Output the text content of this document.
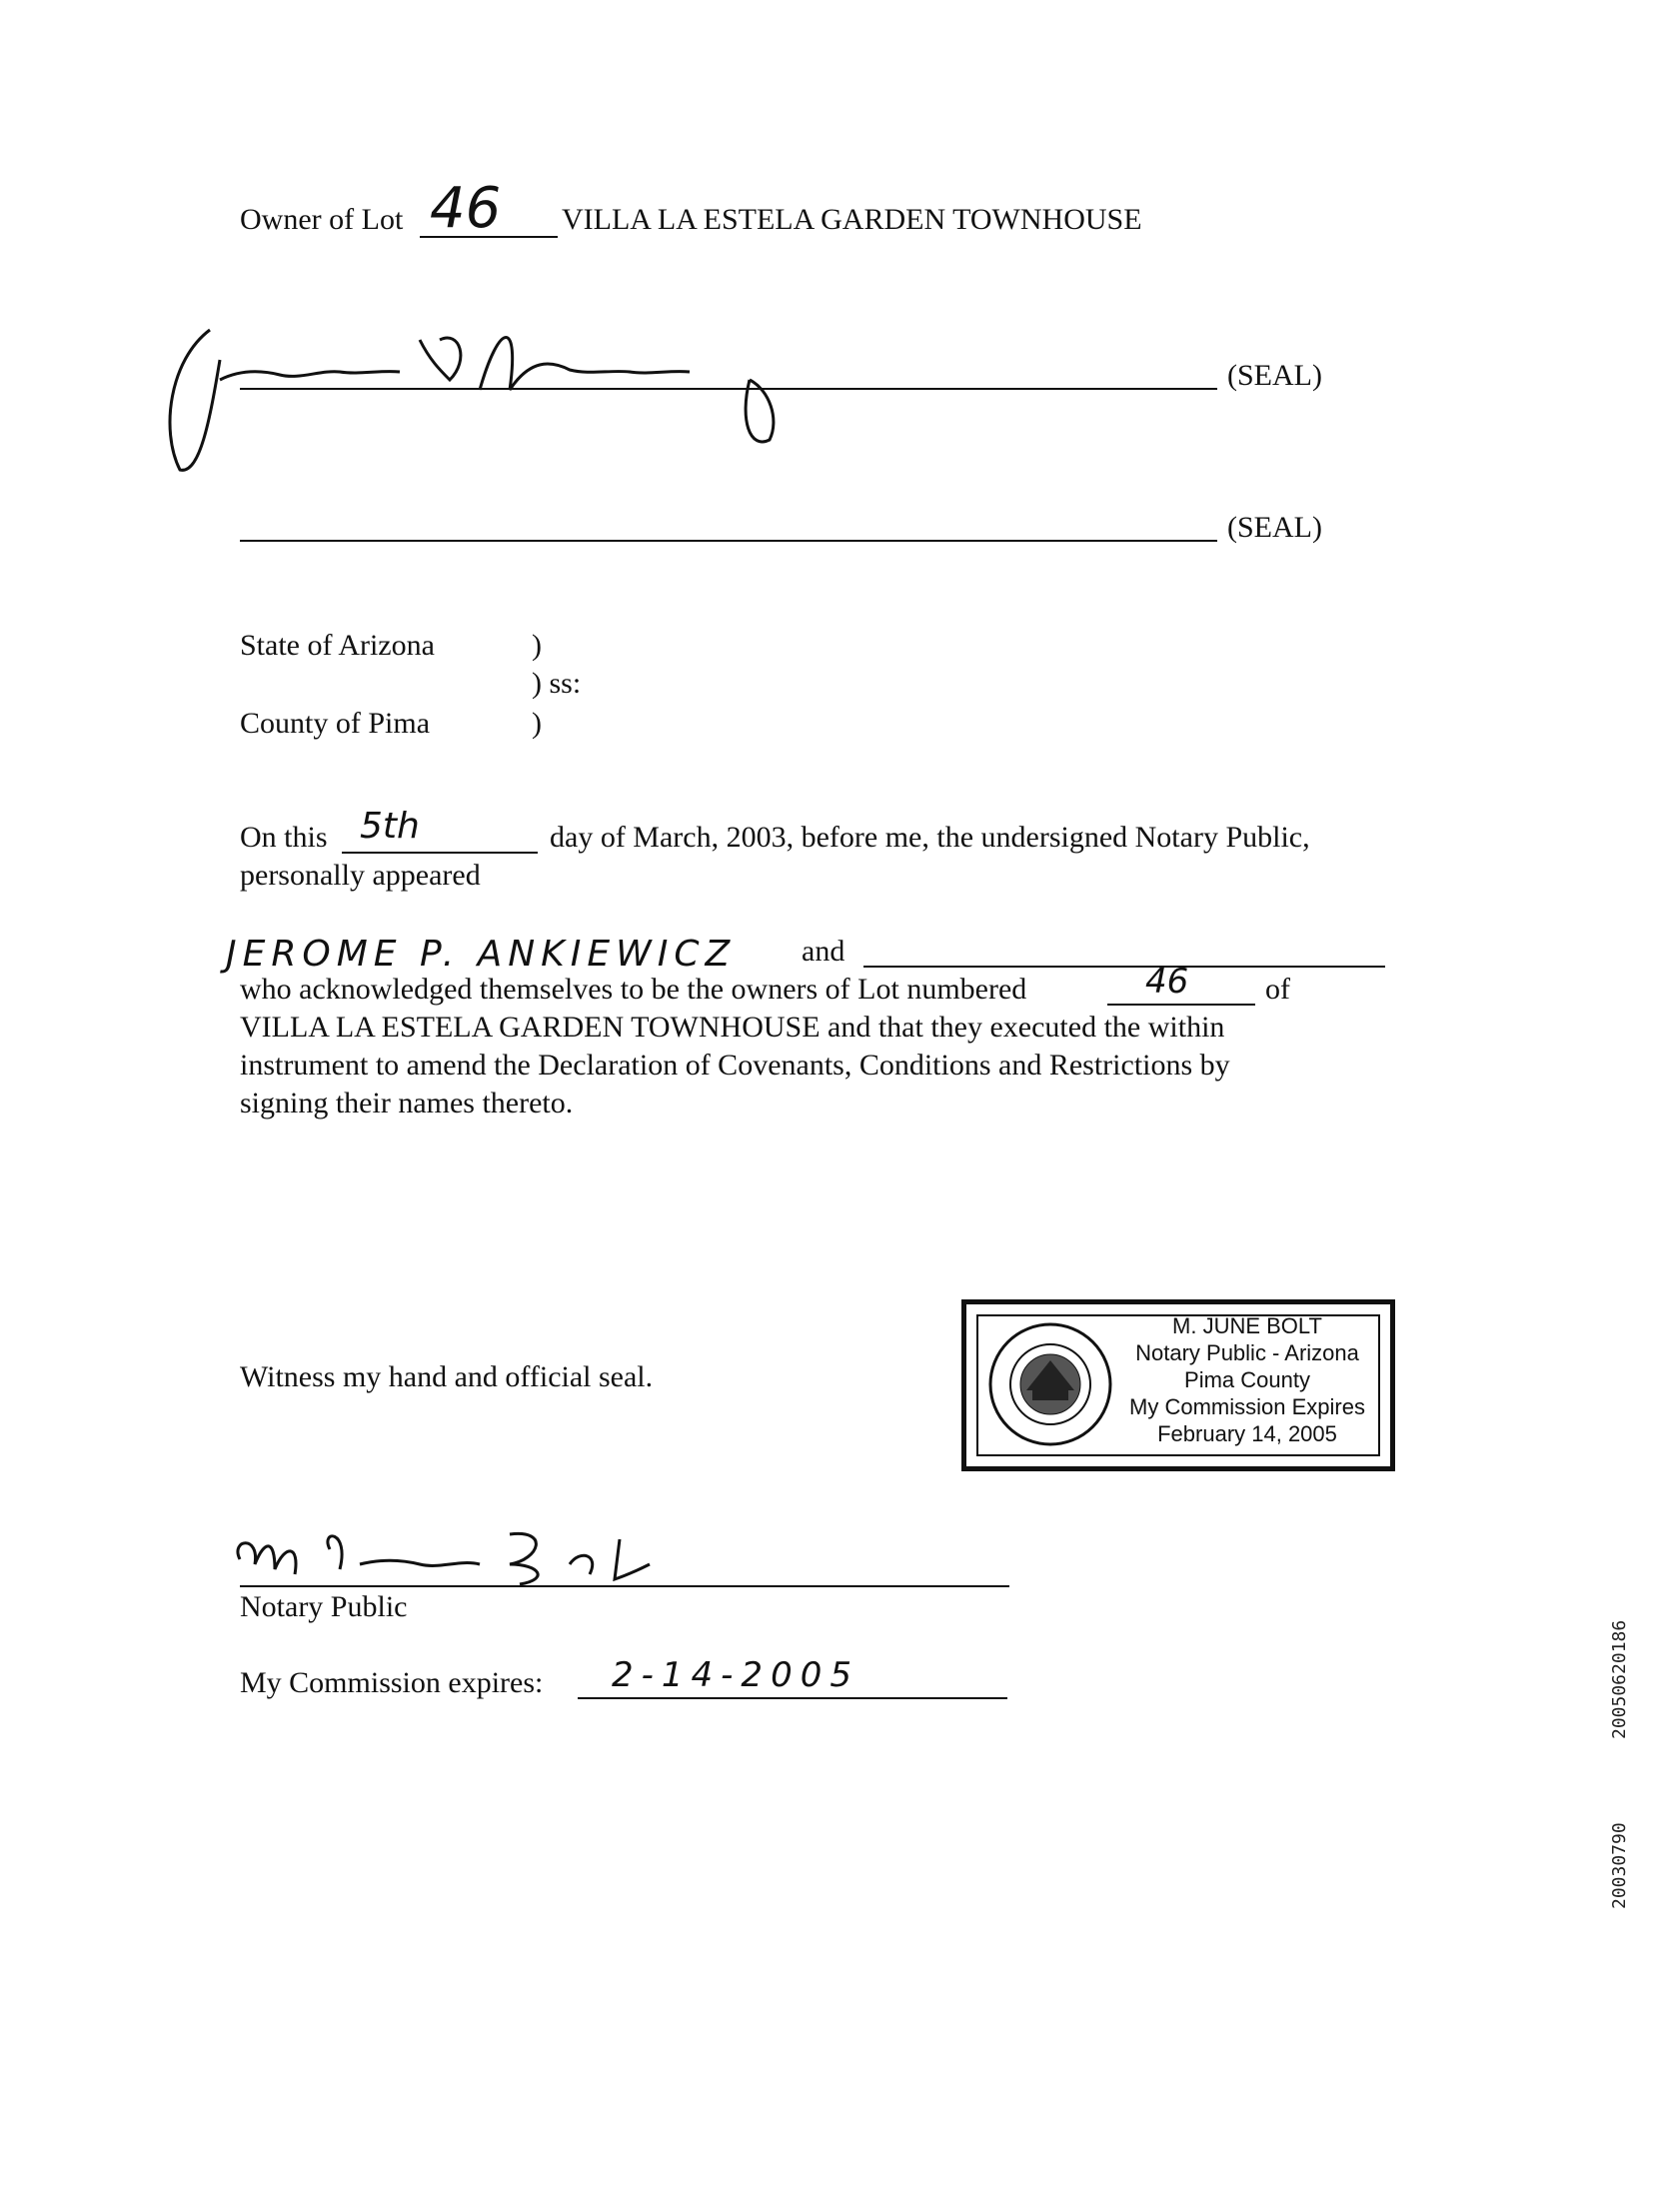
Owner of Lot 46 VILLA LA ESTELA GARDEN TOWNHOUSE
(SEAL)
(SEAL)
State of Arizona	)
) ss:
County of Pima	)
On this 5th	day of March, 2003, before me, the undersigned Notary Public,
personally appeared
JEROME P. ANKIEWICZ and
who acknowledged themselves to be the owners of Lot numbered	46	of
VILLA LA ESTELA GARDEN TOWNHOUSE and that they executed the within
instrument to amend the Declaration of Covenants, Conditions and Restrictions by
signing their names thereto.
Witness my hand and official seal.
M. JUNE BOLT
Notary Public - Arizona
Pima County
My Commission Expires
February 14, 2005
Notary Public
My Commission expires: 2-14-2005	20050620186
20030790
